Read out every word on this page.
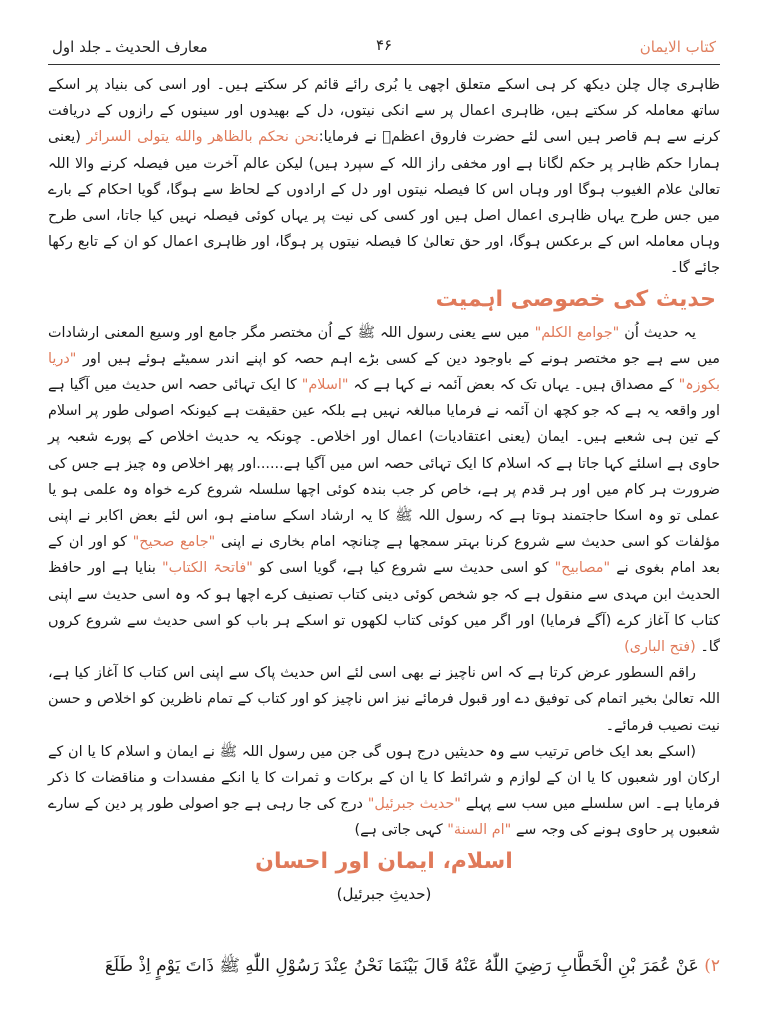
كتاب الايمان
۴۶
معارف الحديث ـ جلد اول

ظاہری چال چلن دیکھ کر ہی اسکے متعلق اچھی یا بُری رائے قائم کر سکتے ہیں۔ اور اسی کی بنیاد پر اسکے ساتھ معاملہ کر سکتے ہیں، ظاہری اعمال پر سے انکی نیتوں، دل کے بھیدوں اور سینوں کے رازوں کے دریافت کرنے سے ہم قاصر ہیں اسی لئے حضرت فاروق اعظمؓ نے فرمایا:نحن نحكم بالظاهر والله يتولى السرائر (یعنی ہمارا حکم ظاہر پر حکم لگانا ہے اور مخفی راز اللہ کے سپرد ہیں) لیکن عالم آخرت میں فیصلہ کرنے والا اللہ تعالیٰ علام الغیوب ہوگا اور وہاں اس کا فیصلہ نیتوں اور دل کے ارادوں کے لحاظ سے ہوگا، گویا احکام کے بارے میں جس طرح یہاں ظاہری اعمال اصل ہیں اور کسی کی نیت پر یہاں کوئی فیصلہ نہیں کیا جاتا، اسی طرح وہاں معاملہ اس کے برعکس ہوگا، اور حق تعالیٰ کا فیصلہ نیتوں پر ہوگا، اور ظاہری اعمال کو ان کے تابع رکھا جائے گا۔

حدیث کی خصوصی اہمیت

یہ حدیث اُن "جوامع الكلم" میں سے یعنی رسول اللہ ﷺ کے اُن مختصر مگر جامع اور وسیع المعنی ارشادات میں سے ہے جو مختصر ہونے کے باوجود دین کے کسی بڑے اہم حصہ کو اپنے اندر سمیٹے ہوئے ہیں اور "دریا بکوزہ" کے مصداق ہیں۔ یہاں تک کہ بعض آئمہ نے کہا ہے کہ "اسلام" کا ایک تہائی حصہ اس حدیث میں آگیا ہے اور واقعہ یہ ہے کہ جو کچھ ان آئمہ نے فرمایا مبالغہ نہیں ہے بلکہ عین حقیقت ہے کیونکہ اصولی طور پر اسلام کے تین ہی شعبے ہیں۔ ایمان (یعنی اعتقادیات) اعمال اور اخلاص۔ چونکہ یہ حدیث اخلاص کے پورے شعبہ پر حاوی ہے اسلئے کہا جاتا ہے کہ اسلام کا ایک تہائی حصہ اس میں آگیا ہے......اور پھر اخلاص وہ چیز ہے جس کی ضرورت ہر کام میں اور ہر قدم پر ہے، خاص کر جب بندہ کوئی اچھا سلسلہ شروع کرے خواہ وہ علمی ہو یا عملی تو وہ اسکا حاجتمند ہوتا ہے کہ رسول اللہ ﷺ کا یہ ارشاد اسکے سامنے ہو، اس لئے بعض اکابر نے اپنی مؤلفات کو اسی حدیث سے شروع کرنا بہتر سمجھا ہے چنانچہ امام بخاری نے اپنی "جامع صحیح" کو اور ان کے بعد امام بغوی نے "مصابیح" کو اسی حدیث سے شروع کیا ہے، گویا اسی کو "فاتحۃ الکتاب" بنایا ہے اور حافظ الحدیث ابن مہدی سے منقول ہے کہ جو شخص کوئی دینی کتاب تصنیف کرے اچھا ہو کہ وہ اسی حدیث سے اپنی کتاب کا آغاز کرے (آگے فرمایا) اور اگر میں کوئی کتاب لکھوں تو اسکے ہر باب کو اسی حدیث سے شروع کروں گا۔ (فتح الباری)

راقم السطور عرض کرتا ہے کہ اس ناچیز نے بھی اسی لئے اس حدیث پاک سے اپنی اس کتاب کا آغاز کیا ہے، اللہ تعالیٰ بخیر اتمام کی توفیق دے اور قبول فرمائے نیز اس ناچیز کو اور کتاب کے تمام ناظرین کو اخلاص و حسن نیت نصیب فرمائے۔

(اسکے بعد ایک خاص ترتیب سے وہ حدیثیں درج ہوں گی جن میں رسول اللہ ﷺ نے ایمان و اسلام کا یا ان کے ارکان اور شعبوں کا یا ان کے لوازم و شرائط کا یا ان کے برکات و ثمرات کا یا انکے مفسدات و مناقضات کا ذکر فرمایا ہے۔ اس سلسلے میں سب سے پہلے "حدیث جبرئیل" درج کی جا رہی ہے جو اصولی طور پر دین کے سارے شعبوں پر حاوی ہونے کی وجہ سے "ام السنة" کہی جاتی ہے)

اسلام، ایمان اور احسان
(حدیثِ جبرئیل)
۲) عَنْ عُمَرَ بْنِ الْخَطَّابِ رَضِيَ اللّٰهُ عَنْهُ قَالَ بَيْنَمَا نَحْنُ عِنْدَ رَسُوْلِ اللّٰهِ ﷺ ذَاتَ يَوْمٍ اِذْ طَلَعَ
